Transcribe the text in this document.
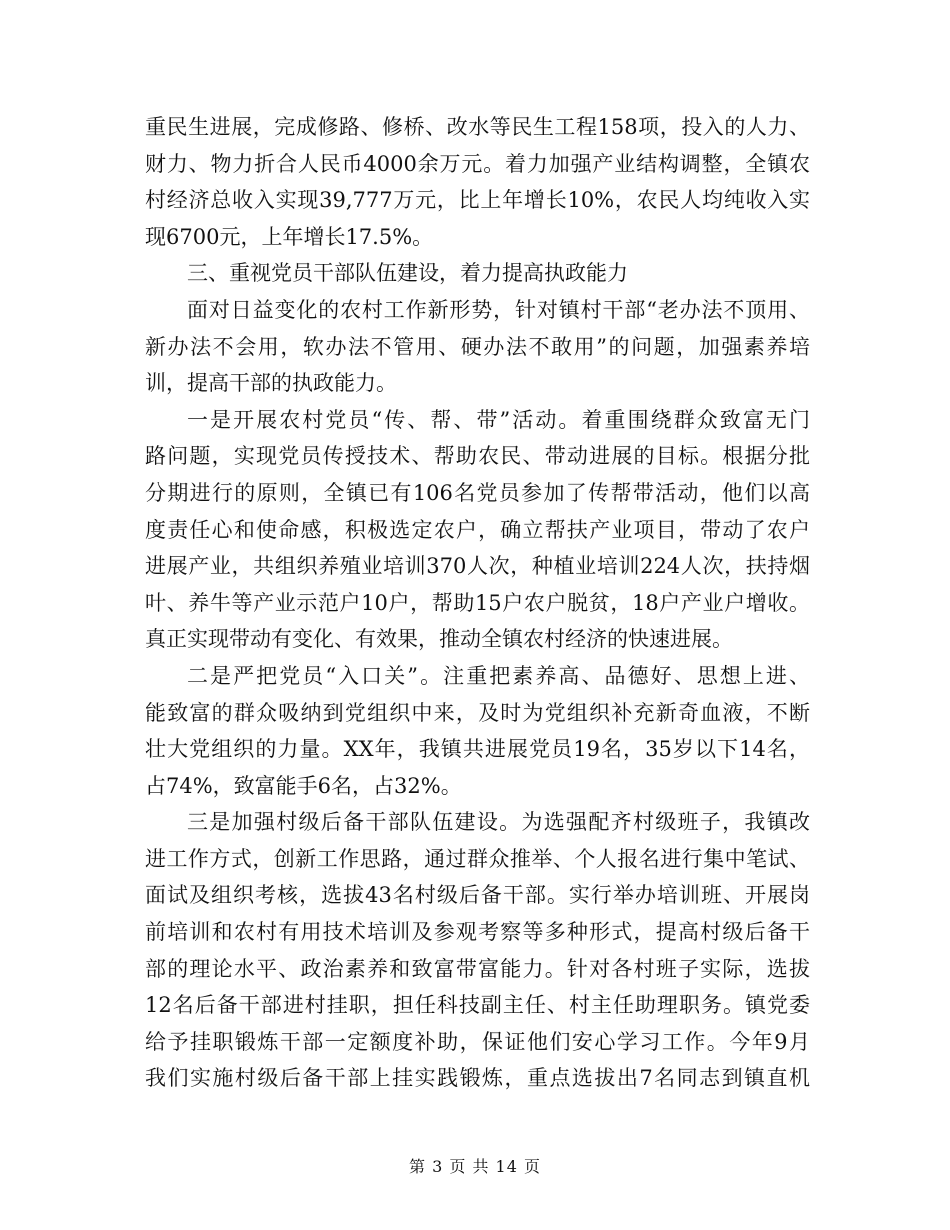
重民生进展，完成修路、修桥、改水等民生工程158项，投入的人力、
财力、物力折合人民币4000余万元。着力加强产业结构调整，全镇农
村经济总收入实现39,777万元，比上年增长10%，农民人均纯收入实
现6700元，上年增长17.5%。
三、重视党员干部队伍建设，着力提高执政能力
面对日益变化的农村工作新形势，针对镇村干部“老办法不顶用、
新办法不会用，软办法不管用、硬办法不敢用”的问题，加强素养培
训，提高干部的执政能力。
一是开展农村党员“传、帮、带”活动。着重围绕群众致富无门
路问题，实现党员传授技术、帮助农民、带动进展的目标。根据分批
分期进行的原则，全镇已有106名党员参加了传帮带活动，他们以高
度责任心和使命感，积极选定农户，确立帮扶产业项目，带动了农户
进展产业，共组织养殖业培训370人次，种植业培训224人次，扶持烟
叶、养牛等产业示范户10户，帮助15户农户脱贫，18户产业户增收。
真正实现带动有变化、有效果，推动全镇农村经济的快速进展。
二是严把党员“入口关”。注重把素养高、品德好、思想上进、
能致富的群众吸纳到党组织中来，及时为党组织补充新奇血液，不断
壮大党组织的力量。XX年，我镇共进展党员19名，35岁以下14名，
占74%，致富能手6名，占32%。
三是加强村级后备干部队伍建设。为选强配齐村级班子，我镇改
进工作方式，创新工作思路，通过群众推举、个人报名进行集中笔试、
面试及组织考核，选拔43名村级后备干部。实行举办培训班、开展岗
前培训和农村有用技术培训及参观考察等多种形式，提高村级后备干
部的理论水平、政治素养和致富带富能力。针对各村班子实际，选拔
12名后备干部进村挂职，担任科技副主任、村主任助理职务。镇党委
给予挂职锻炼干部一定额度补助，保证他们安心学习工作。今年9月
我们实施村级后备干部上挂实践锻炼，重点选拔出7名同志到镇直机
第 3 页 共 14 页
